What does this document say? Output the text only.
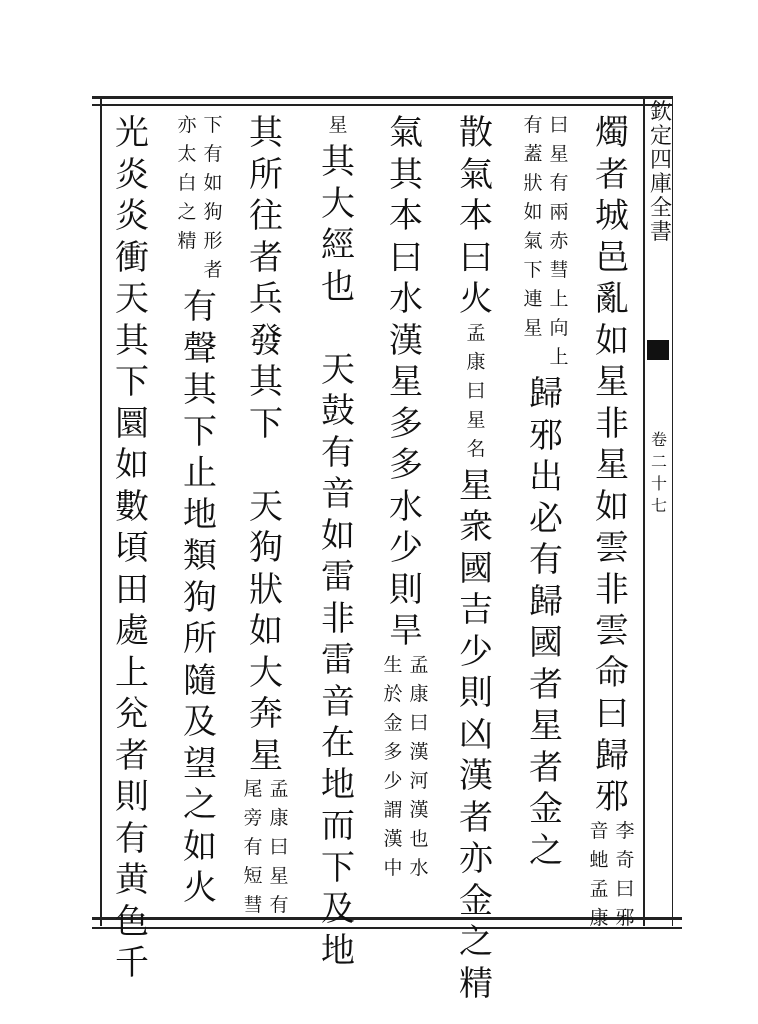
欽
定
四
庫
全
書
卷
二
十
七
燭
者
城
邑
亂
如
星
非
星
如
雲
非
雲
命
曰
歸
邪
音
虵
孟
康
李
奇
曰
邪
有
蓋
狀
如
氣
下
連
星
曰
星
有
兩
赤
彗
上
向
上
歸
邪
出
必
有
歸
國
者
星
者
金
之
散
氣
本
曰
火
孟
康
曰
星
名
星
衆
國
吉
少
則
凶
漢
者
亦
金
之
精
氣
其
本
曰
水
漢
星
多
多
水
少
則
旱
生
於
金
多
少
謂
漢
中
孟
康
曰
漢
河
漢
也
水
星
其
大
經
也
天
鼓
有
音
如
雷
非
雷
音
在
地
而
下
及
地
其
所
往
者
兵
發
其
下
天
狗
狀
如
大
奔
星
尾
旁
有
短
彗
孟
康
曰
星
有
亦
太
白
之
精
下
有
如
狗
形
者
有
聲
其
下
止
地
類
狗
所
隨
及
望
之
如
火
光
炎
炎
衝
天
其
下
圜
如
數
頃
田
處
上
兊
者
則
有
黄
色
千
